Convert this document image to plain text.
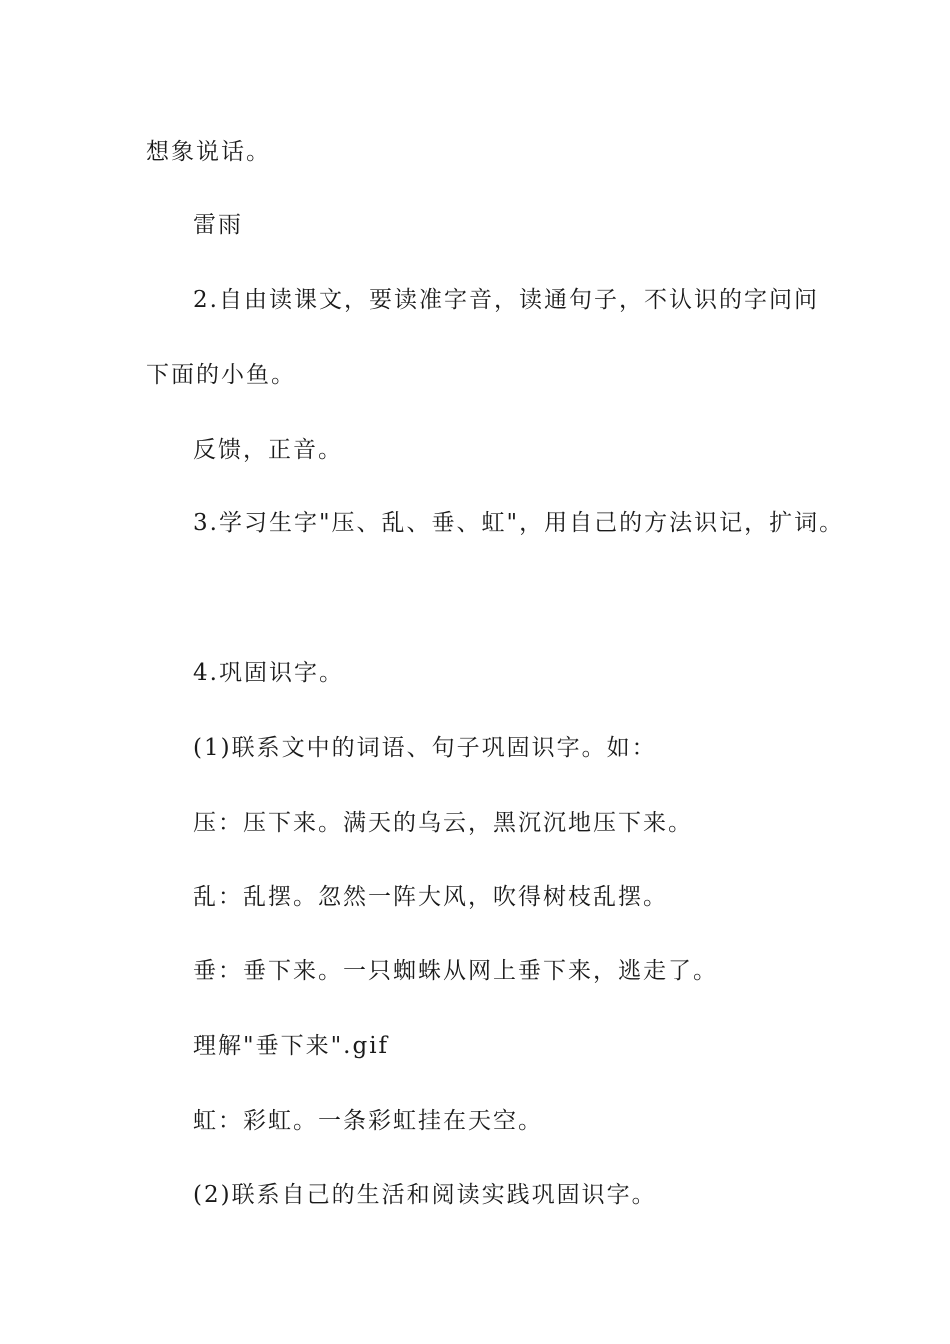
想象说话。
雷雨
2.自由读课文，要读准字音，读通句子，不认识的字问问
下面的小鱼。
反馈，正音。
3.学习生字"压、乱、垂、虹"，用自己的方法识记，扩词。
4.巩固识字。
(1)联系文中的词语、句子巩固识字。如：
压：压下来。满天的乌云，黑沉沉地压下来。
乱：乱摆。忽然一阵大风，吹得树枝乱摆。
垂：垂下来。一只蜘蛛从网上垂下来，逃走了。
理解"垂下来".gif
虹：彩虹。一条彩虹挂在天空。
(2)联系自己的生活和阅读实践巩固识字。
